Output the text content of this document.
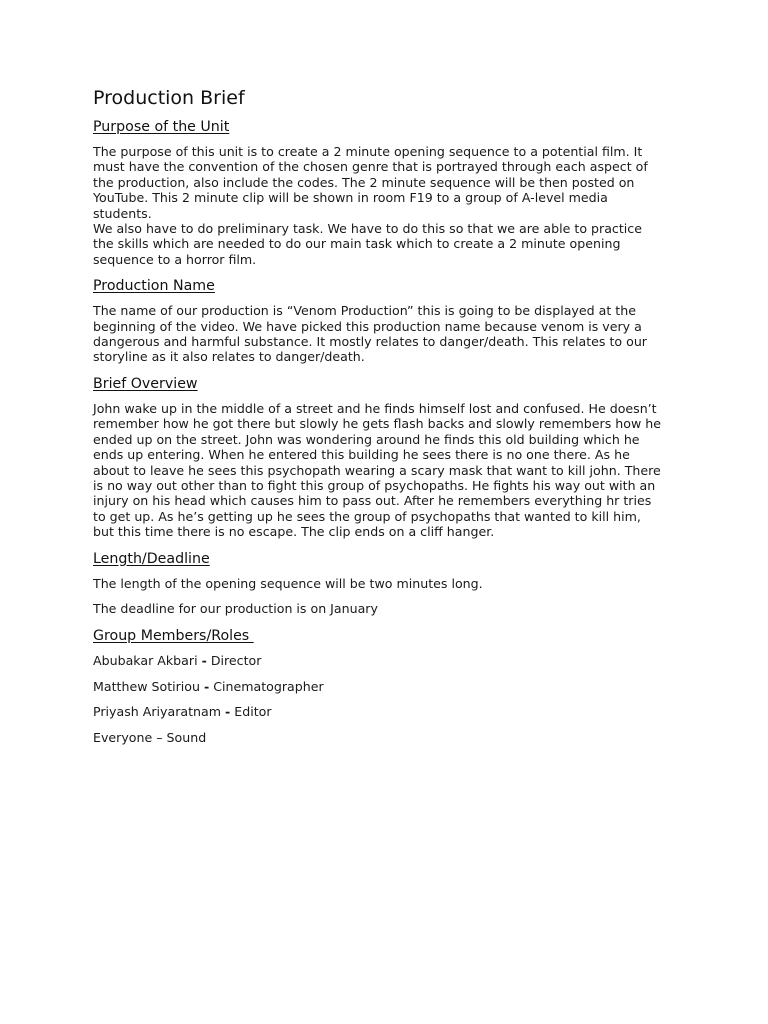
Production Brief
Purpose of the Unit

The purpose of this unit is to create a 2 minute opening sequence to a potential film. It
must have the convention of the chosen genre that is portrayed through each aspect of
the production, also include the codes. The 2 minute sequence will be then posted on
YouTube. This 2 minute clip will be shown in room F19 to a group of A-level media
students.
We also have to do preliminary task. We have to do this so that we are able to practice
the skills which are needed to do our main task which to create a 2 minute opening
sequence to a horror film.

Production Name

The name of our production is “Venom Production” this is going to be displayed at the
beginning of the video. We have picked this production name because venom is very a
dangerous and harmful substance. It mostly relates to danger/death. This relates to our
storyline as it also relates to danger/death.

Brief Overview

John wake up in the middle of a street and he finds himself lost and confused. He doesn’t
remember how he got there but slowly he gets flash backs and slowly remembers how he
ended up on the street. John was wondering around he finds this old building which he
ends up entering. When he entered this building he sees there is no one there. As he
about to leave he sees this psychopath wearing a scary mask that want to kill john. There
is no way out other than to fight this group of psychopaths. He fights his way out with an
injury on his head which causes him to pass out. After he remembers everything hr tries
to get up. As he’s getting up he sees the group of psychopaths that wanted to kill him,
but this time there is no escape. The clip ends on a cliff hanger.

Length/Deadline

The length of the opening sequence will be two minutes long.

The deadline for our production is on January

Group Members/Roles

Abubakar Akbari - Director

Matthew Sotiriou - Cinematographer

Priyash Ariyaratnam - Editor

Everyone – Sound
